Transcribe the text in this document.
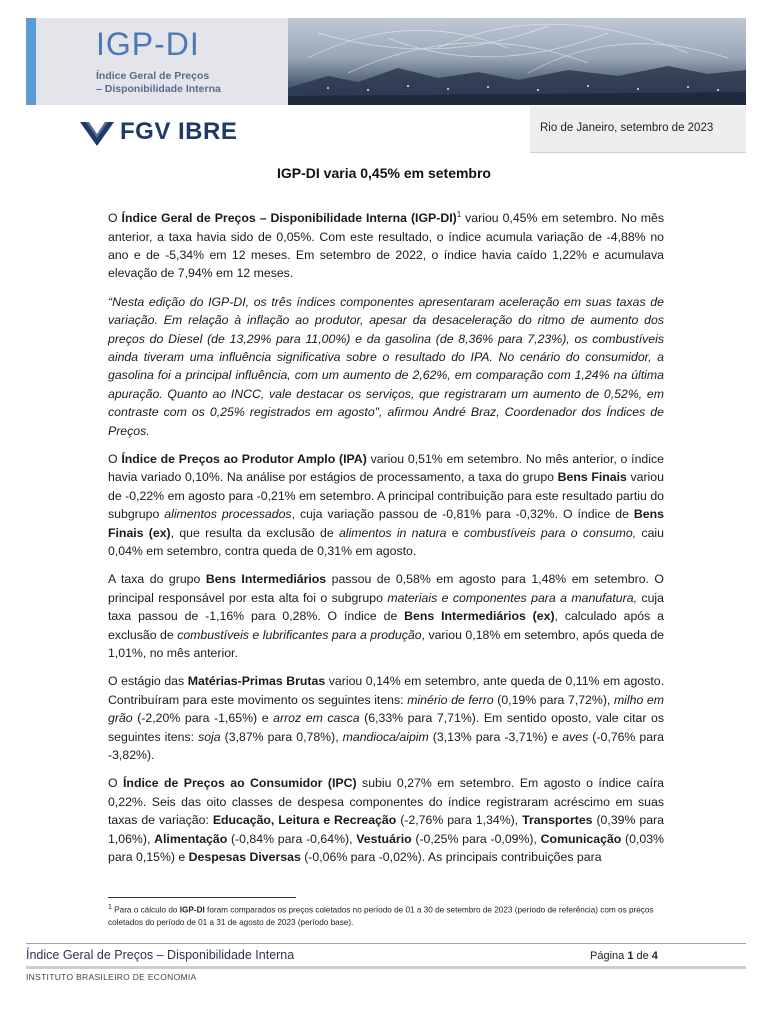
IGP-DI
Índice Geral de Preços
– Disponibilidade Interna
FGV IBRE	Rio de Janeiro, setembro de 2023
IGP-DI varia 0,45% em setembro

O Índice Geral de Preços – Disponibilidade Interna $(IGP-DI)^1$ variou 0,45% em setembro. No mês anterior, a taxa havia sido de 0,05%. Com este resultado, o índice acumula variação de -4,88% no ano e de -5,34% em 12 meses. Em setembro de 2022, o índice havia caído 1,22% e acumulava elevação de 7,94% em 12 meses.

“Nesta edição do IGP-DI, os três índices componentes apresentaram aceleração em suas taxas de variação. Em relação à inflação ao produtor, apesar da desaceleração do ritmo de aumento dos preços do Diesel (de 13,29% para 11,00%) e da gasolina (de 8,36% para 7,23%), os combustíveis ainda tiveram uma influência significativa sobre o resultado do IPA. No cenário do consumidor, a gasolina foi a principal influência, com um aumento de 2,62%, em comparação com 1,24% na última apuração. Quanto ao INCC, vale destacar os serviços, que registraram um aumento de 0,52%, em contraste com os 0,25% registrados em agosto", afirmou André Braz, Coordenador dos Índices de Preços.

O Índice de Preços ao Produtor Amplo (IPA) variou 0,51% em setembro. No mês anterior, o índice havia variado 0,10%. Na análise por estágios de processamento, a taxa do grupo Bens Finais variou de -0,22% em agosto para -0,21% em setembro. A principal contribuição para este resultado partiu do subgrupo alimentos processados, cuja variação passou de -0,81% para -0,32%. O índice de Bens Finais (ex), que resulta da exclusão de alimentos in natura e combustíveis para o consumo, caiu 0,04% em setembro, contra queda de 0,31% em agosto.

A taxa do grupo Bens Intermediários passou de 0,58% em agosto para 1,48% em setembro. O principal responsável por esta alta foi o subgrupo materiais e componentes para a manufatura, cuja taxa passou de -1,16% para 0,28%. O índice de Bens Intermediários (ex), calculado após a exclusão de combustíveis e lubrificantes para a produção, variou 0,18% em setembro, após queda de 1,01%, no mês anterior.

O estágio das Matérias-Primas Brutas variou 0,14% em setembro, ante queda de 0,11% em agosto. Contribuíram para este movimento os seguintes itens: minério de ferro (0,19% para 7,72%), milho em grão (-2,20% para -1,65%) e arroz em casca (6,33% para 7,71%). Em sentido oposto, vale citar os seguintes itens: soja (3,87% para 0,78%), mandioca/aipim (3,13% para -3,71%) e aves (-0,76% para -3,82%).

O Índice de Preços ao Consumidor (IPC) subiu 0,27% em setembro. Em agosto o índice caíra 0,22%. Seis das oito classes de despesa componentes do índice registraram acréscimo em suas taxas de variação: Educação, Leitura e Recreação (-2,76% para 1,34%), Transportes (0,39% para 1,06%), Alimentação (-0,84% para -0,64%), Vestuário (-0,25% para -0,09%), Comunicação (0,03% para 0,15%) e Despesas Diversas (-0,06% para -0,02%). As principais contribuições para

$^1$ Para o cálculo do IGP-DI foram comparados os preços coletados no período de 01 a 30 de setembro de 2023 (período de referência) com os preços coletados do período de 01 a 31 de agosto de 2023 (período base).
Índice Geral de Preços – Disponibilidade Interna	Página 1 de 4
INSTITUTO BRASILEIRO DE ECONOMIA
